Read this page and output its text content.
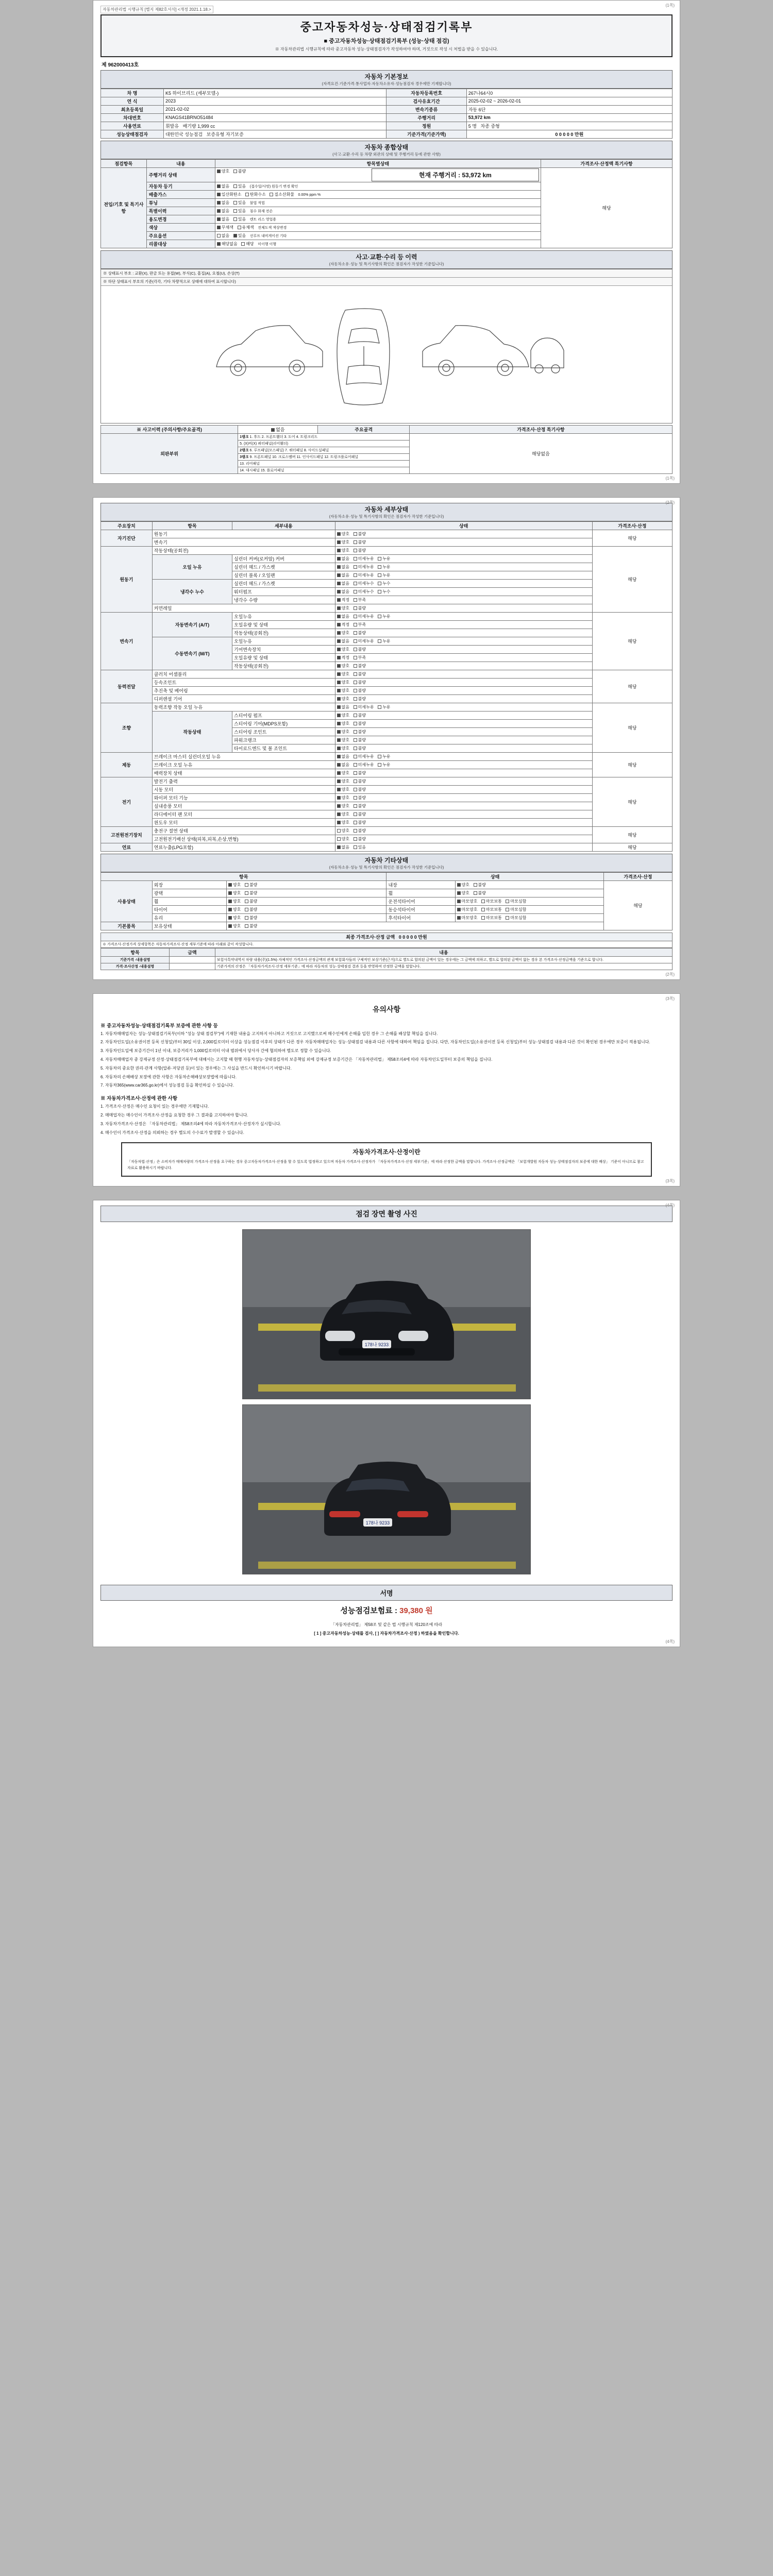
(1쪽)
자동차관리법 시행규칙 [별지 제82호서식] <개정 2021.1.18.>
중고자동차성능·상태점검기록부
■ 중고자동차성능·상태점검기록부 (성능·상태 점검)
※ 자동차관리법 시행규칙에 따라 중고자동차 성능·상태점검자가 작성하여야 하며, 거짓으로 작성 시 처벌을 받을 수 있습니다.
제 962000413호
자동차 기본정보
(자격요건·기준가격·통사업자·자동차소유자·성능점검자 경우에만 기재합니다)
차 명	K5 하이브리드 (세부모델-)	자동차등록번호	267나64시0
연 식	2023	검사유효기간	2025-02-02 ~ 2026-02-01
최초등록일	2021-02-02	변속기종류	자동 6단
차대번호	KNAGS41BRNO51484	주행거리	53,972 km
사용연료	휘발유 배기량 1,999 cc	정원	5 명 차종 중형
성능상태점검자	대한민국 성능점검 보증유형 자기보증	기준가격(기준가액)	0 0 0 0 0 만원
자동차 종합상태
(사고·교환·수리 등 차량 외관의 상태 및 주행거리 등에 관한 사항)
점검항목	내용	항목별상태	가격조사·산정액 특기사항
전입/기호 및 특기사항	주행거리 상태	양호 불량
현재 주행거리 : 53,972 km	해당
	자동차 등기	없음 있음 (접수일/사망) 원동기 변경 확인	
	배출가스	일산화탄소 탄화수소 질소산화물 0.00% ppm %	
	튜닝	없음 있음 불법 적법	
	특별이력	없음 있음 침수 화재 전손	
	용도변경	없음 있음 렌트 리스 영업용	
	색상	무채색 유채색 전체도색 색상변경	
	주요옵션	없음 있음 선루프 내비게이션 기타	
	리콜대상	해당없음 해당 미이행 이행	
사고·교환·수리 등 이력
(자동차소유·성능 및 특기사항의 확인은 점검자가 작성한 기준입니다)
※ 상태표시 부호 : 교환(X), 판금 또는 용접(W), 부식(C), 흠집(A), 요철(U), 손상(T)
※ 하단 상태표시 부호의 기준(각각, 기타 차량적으로 상태에 대하여 표시합니다)
※ 사고이력 (주의사항/주요골격)	없음	주요골격	가격조사·산정 특기사항
외판부위	1랭크 1. 후드 2. 프론트휀더 3. 도어 4. 트렁크리드		해당없음
	5. (X)비(X) 쿼터패널(리어휀더)		
	2랭크 6. 루프패널(모스패널) 7. 쿼터패널 8. 사이드실패널		
	3랭크 9. 프론트패널 10. 크로스멤버 11. 인사이드패널 12. 트렁크플로어패널		
	13. 리어패널		
	14. 대시패널 15. 플로어패널		
(1쪽)
(2쪽)
자동차 세부상태
(자동차소유·성능 및 특기사항의 확인은 점검자가 작성한 기준입니다)
주요장치	항목	세부내용	상태	가격조사·산정
자기진단	원동기		양호 불량	해당
	변속기		양호 불량	
원동기	작동상태(공회전)		양호 불량	해당
	오일 누유	실린더 커버(로커암) 커버	없음 미세누유 누유	
		실린더 헤드 / 가스켓	없음 미세누유 누유	
		실린더 블록 / 오일팬	없음 미세누유 누유	
	냉각수 누수	실린더 헤드 / 가스켓	없음 미세누수 누수	
		워터펌프	없음 미세누수 누수	
		냉각수 수량	적정 부족	
	커먼레일		양호 불량	
변속기	자동변속기 (A/T)	오일누유	없음 미세누유 누유	해당
		오일유량 및 상태	적정 부족	
		작동상태(공회전)	양호 불량	
	수동변속기 (M/T)	오일누유	없음 미세누유 누유	
		기어변속장치	양호 불량	
		오일유량 및 상태	적정 부족	
		작동상태(공회전)	양호 불량	
동력전달	클러치 어셈블리		양호 불량	해당
	등속조인트		양호 불량	
	추진축 및 베어링		양호 불량	
	디퍼렌셜 기어		양호 불량	
조향	동력조향 작동 오일 누유		없음 미세누유 누유	해당
	작동상태	스티어링 펌프	양호 불량	
		스티어링 기어(MDPS포함)	양호 불량	
		스티어링 조인트	양호 불량	
		파워크랭크	양호 불량	
		타이로드엔드 및 볼 조인트	양호 불량	
제동	브레이크 마스터 실린더오일 누유		없음 미세누유 누유	해당
	브레이크 오일 누유		없음 미세누유 누유	
	배력장치 상태		양호 불량	
전기	발전기 출력		양호 불량	해당
	시동 모터		양호 불량	
	와이퍼 모터 기능		양호 불량	
	실내송풍 모터		양호 불량	
	라디에이터 팬 모터		양호 불량	
	윈도우 모터		양호 불량	
고전원전기장치	충전구 절연 상태		양호 불량	해당
	고전원전기배선 상태(피복,피복,손상,변형)		양호 불량	
연료	연료누출(LPG포함)		없음 있음	해당
자동차 기타상태
(자동차소유·성능 및 특기사항의 확인은 점검자가 작성한 기준입니다)
항목			상태		가격조사·산정
사용상태	외장	양호 불량	내장	양호 불량	해당
	광택	양호 불량	휠	양호 불량	
	휠	양호 불량	운전석타이어	마모양호 마모보통 마모심함	
	타이어	양호 불량	동승석타이어	마모양호 마모보통 마모심함	
	유리	양호 불량	후석타이어	마모양호 마모보통 마모심함	
기본품목	보유상태	양호 불량			
최종 가격조사·산정 금액 0 0 0 0 0 만원
※ 가격조사·산정가격 상세항목은 자동차가격조사·산정 세부기준에 따라 아래와 같이 작성합니다.
항목	금액	내용
기준가격 -내용설명		보험사특약내역서 차량 내용(주)(1.5%)·자체적인 가격조사·산정금액의 관계 보험회사들의 구체적인 보상기준(근거)으로 별도로 합의된 금액이 있는 경우에는 그 금액에 의하고, 별도로 합의된 금액이 없는 경우 본 가격조사·산정금액을 기준으로 합니다.
가격·조사산정 -내용설명		기준가격의 산정은 「자동차가격조사·산정 세부기준」에 따라 자동차의 성능·상태점검 결과 등을 반영하여 산정한 금액을 말합니다.
(2쪽)
(3쪽)
유의사항
※ 중고자동차성능·상태점검기록부 보증에 관한 사항 등

1. 자동차매매업자는 성능·상태점검기록부(이하 "성능 상태 점검부")에 기재한 내용을 고지하지 아니하고 거짓으로 고지했으로써 매수인에게 손해를 입힌 경우 그 손해를 배상할 책임을 집니다.

2. 자동차인도일(소유권이전 등록 신청일)부터 30일 이상, 2,000킬로미터 이상을 성능점검 이후의 상태가 다른 경우 자동차매매업자는 성능·상태점검 내용과 다른 사항에 대하여 책임을 집니다. 다만, 자동차인도일(소유권이전 등록 신청일)부터 성능·상태점검 내용과 다른 것이 확인된 경우에만 보증이 적용됩니다.

3. 자동차인도일에 보증기간이 1년 이내, 보증거리가 1,000킬로미터 이내 범위에서 당사자 간에 협의하여 별도로 정할 수 있습니다.

4. 자동차매매업자 중 강제규정 산정·상태점검기록부에 대해서는 고지할 때 현행 자동차성능·상태점검자의 보증책임 외에 강제규정 보증기간은 「자동차관리법」 제58조의4에 따라 자동차인도일부터 보증의 책임을 집니다.

5. 자동차의 중요한 권리·관계 사항(압류·저당권 등)이 있는 경우에는 그 사실을 반드시 확인하시기 바랍니다.

6. 자동차의 손해배상 보장에 관한 사항은 자동차손해배상보장법에 따릅니다.

7. 자동차365(www.car365.go.kr)에서 성능점검 등을 확인하실 수 있습니다.

※ 자동차가격조사·산정에 관한 사항

1. 가격조사·산정은 매수인 요청이 있는 경우에만 기재합니다.

2. 매매업자는 매수인이 가격조사·산정을 요청한 경우 그 결과를 고지하여야 합니다.

3. 자동차가격조사·산정은 「자동차관리법」 제58조의4에 따라 자동차가격조사·산정자가 실시합니다.

4. 매수인이 가격조사·산정을 의뢰하는 경우 별도의 수수료가 발생할 수 있습니다.

자동차가격조사·산정이란
「자동차법·산정」은 소비자가 매매차량의 가격조사·산정을 요구하는 경우 중고자동차가격조사·산정을 할 수 있도록 법정하고 있으며 자동차 가격조사·산정자가 「자동차가격조사·산정 세부기준」에 따라 산정한 금액을 말합니다. 가격조사·산정금액은 「보험개발원 자동차 성능·상태점검자의 보증에 대한 배상」 기준이 아니므로 참고 자료로 활용하시기 바랍니다.
(3쪽)
(4쪽)
점검 장면 촬영 사진
178나 9233
178나 9233
서명
성능점검보험료 : 39,380 원
「자동차관리법」 제58조 및 같은 법 시행규칙 제120조에 따라
[ 1 ] 중고자동차성능·상태를 검사, [ ] 자동차가격조사·산정 ) 하였음을 확인합니다.
(4쪽)
